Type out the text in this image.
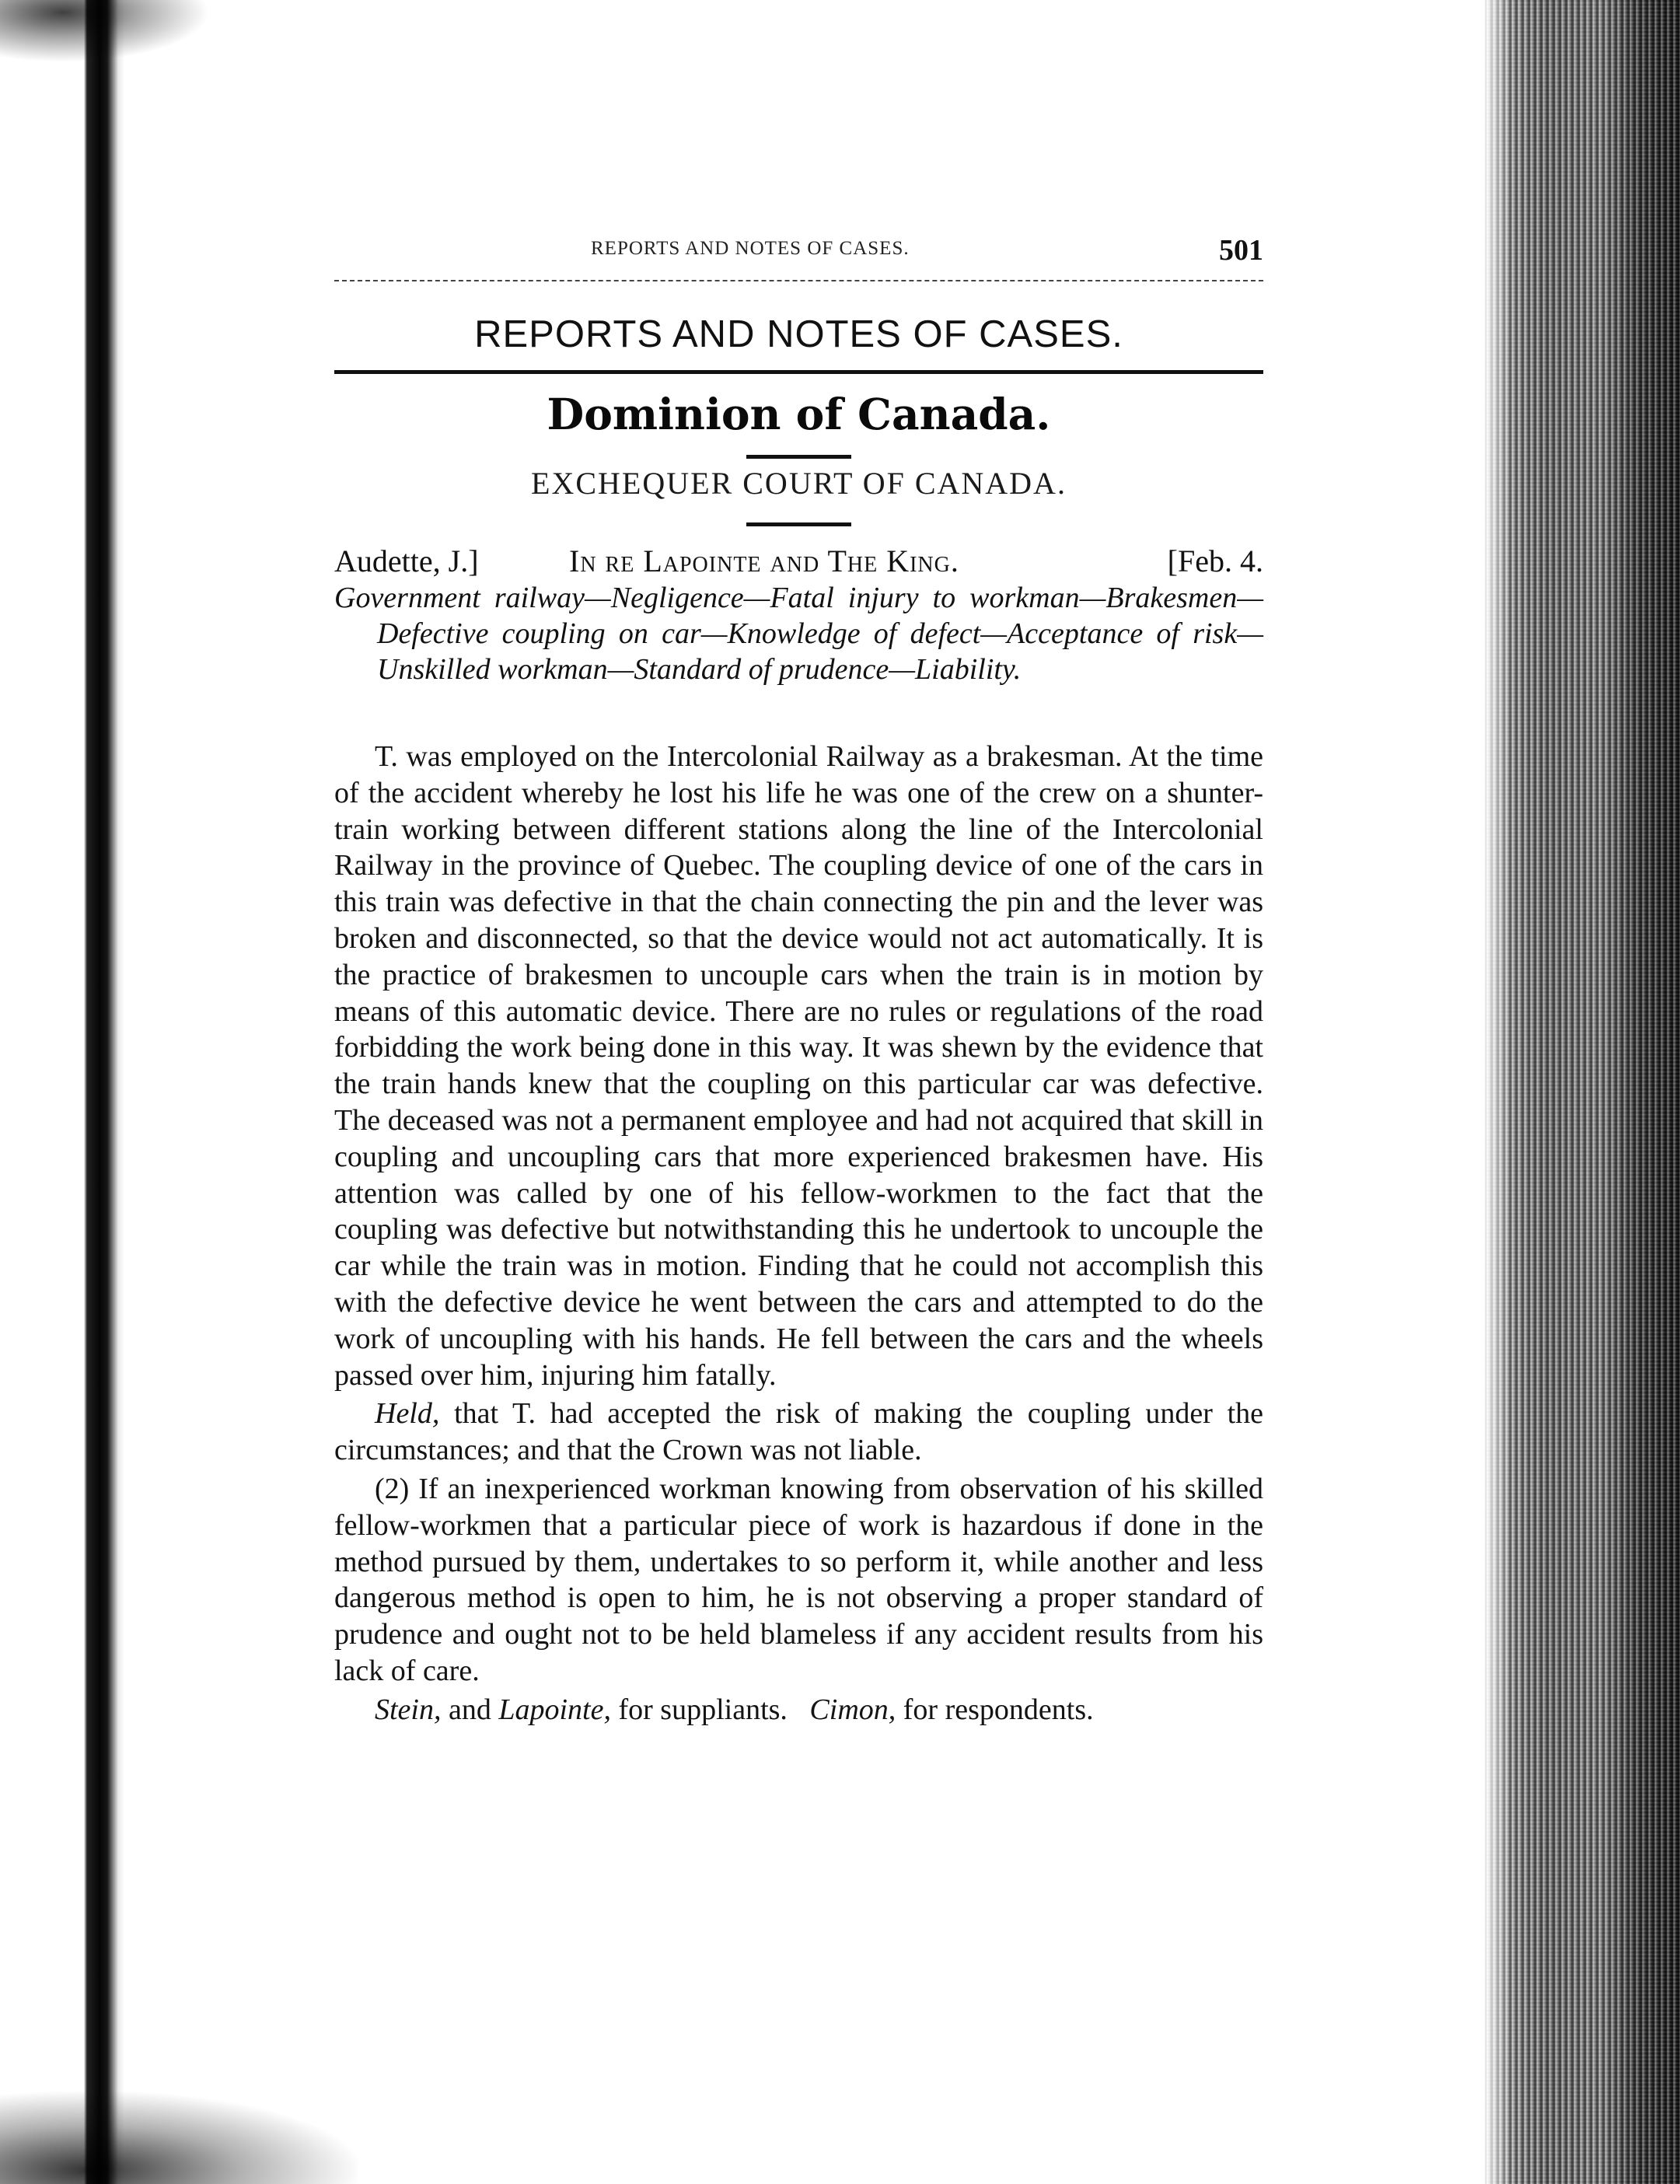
REPORTS AND NOTES OF CASES.	501
REPORTS AND NOTES OF CASES.
Dominion of Canada.
EXCHEQUER COURT OF CANADA.
Audette, J.]	In re Lapointe and The King.	[Feb. 4.
Government railway—Negligence—Fatal injury to workman—Brakesmen—Defective coupling on car—Knowledge of defect—Acceptance of risk—Unskilled workman—Standard of prudence—Liability.

T. was employed on the Intercolonial Railway as a brakesman. At the time of the accident whereby he lost his life he was one of the crew on a shunter-train working between different stations along the line of the Intercolonial Railway in the province of Quebec. The coupling device of one of the cars in this train was defective in that the chain connecting the pin and the lever was broken and disconnected, so that the device would not act automatically. It is the practice of brakesmen to uncouple cars when the train is in motion by means of this automatic device. There are no rules or regulations of the road forbidding the work being done in this way. It was shewn by the evidence that the train hands knew that the coupling on this particular car was defective. The deceased was not a permanent employee and had not acquired that skill in coupling and uncoupling cars that more experienced brakesmen have. His attention was called by one of his fellow-workmen to the fact that the coupling was defective but notwithstanding this he undertook to uncouple the car while the train was in motion. Finding that he could not accomplish this with the defective device he went between the cars and attempted to do the work of uncoupling with his hands. He fell between the cars and the wheels passed over him, injuring him fatally.

Held, that T. had accepted the risk of making the coupling under the circumstances; and that the Crown was not liable.

(2) If an inexperienced workman knowing from observation of his skilled fellow-workmen that a particular piece of work is hazardous if done in the method pursued by them, undertakes to so perform it, while another and less dangerous method is open to him, he is not observing a proper standard of prudence and ought not to be held blameless if any accident results from his lack of care.

Stein, and Lapointe, for suppliants. Cimon, for respondents.
